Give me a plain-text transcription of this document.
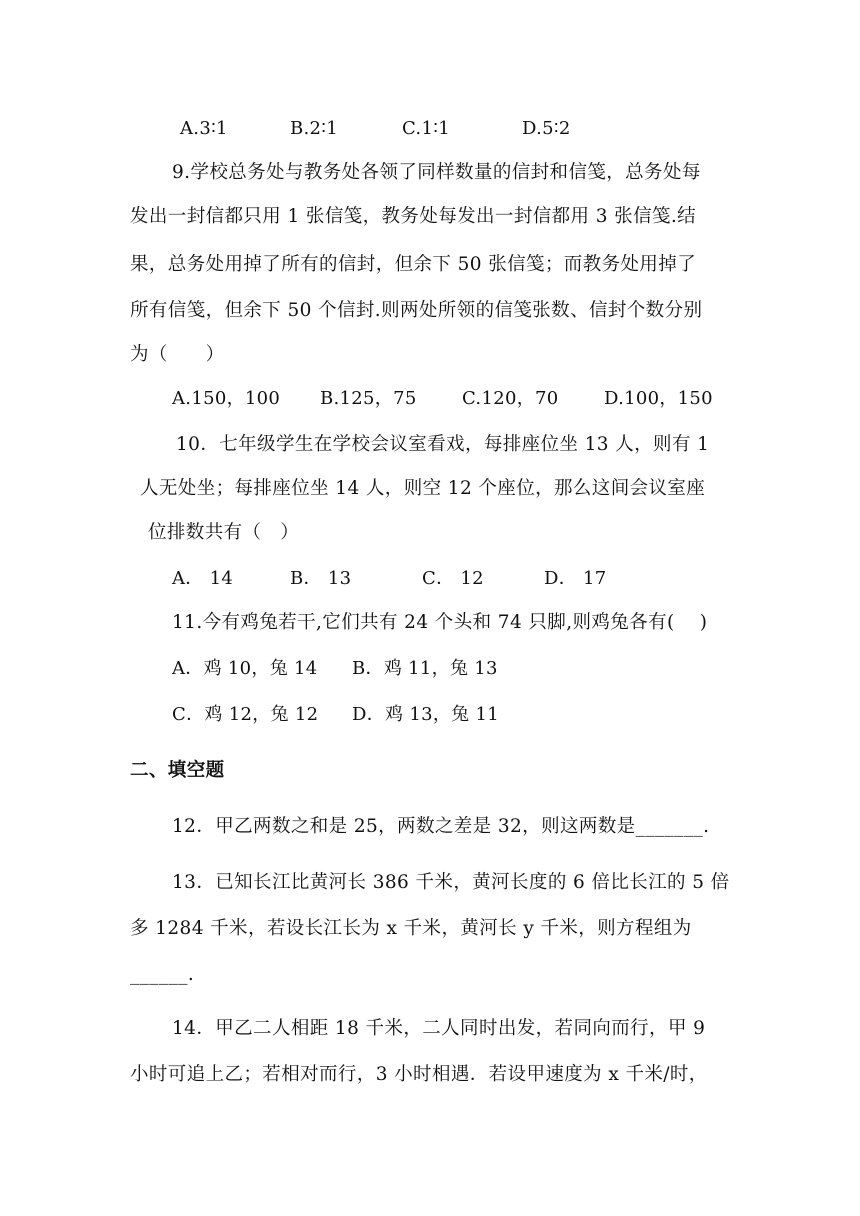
A.3∶1	B.2∶1	C.1∶1	D.5∶2
9.学校总务处与教务处各领了同样数量的信封和信笺，总务处每
发出一封信都只用 1 张信笺，教务处每发出一封信都用 3 张信笺.结
果，总务处用掉了所有的信封，但余下 50 张信笺；而教务处用掉了
所有信笺，但余下 50 个信封.则两处所领的信笺张数、信封个数分别
为（　　）
A.150，100 B.125，75	C.120，70	D.100，150
10．七年级学生在学校会议室看戏，每排座位坐 13 人，则有 1
人无处坐；每排座位坐 14 人，则空 12 个座位，那么这间会议室座
位排数共有（　）
A． 14	B． 13	C． 12	D． 17
11.今有鸡兔若干,它们共有 24 个头和 74 只脚,则鸡兔各有(　 )
A．鸡 10，兔 14 B．鸡 11，兔 13
C．鸡 12，兔 12 D．鸡 13，兔 11
二、填空题
12．甲乙两数之和是 25，两数之差是 32，则这两数是_______.
13．已知长江比黄河长 386 千米，黄河长度的 6 倍比长江的 5 倍
多 1284 千米，若设长江长为 x 千米，黄河长 y 千米，则方程组为
______.
14．甲乙二人相距 18 千米，二人同时出发，若同向而行，甲 9
小时可追上乙；若相对而行，3 小时相遇．若设甲速度为 x 千米/时，
